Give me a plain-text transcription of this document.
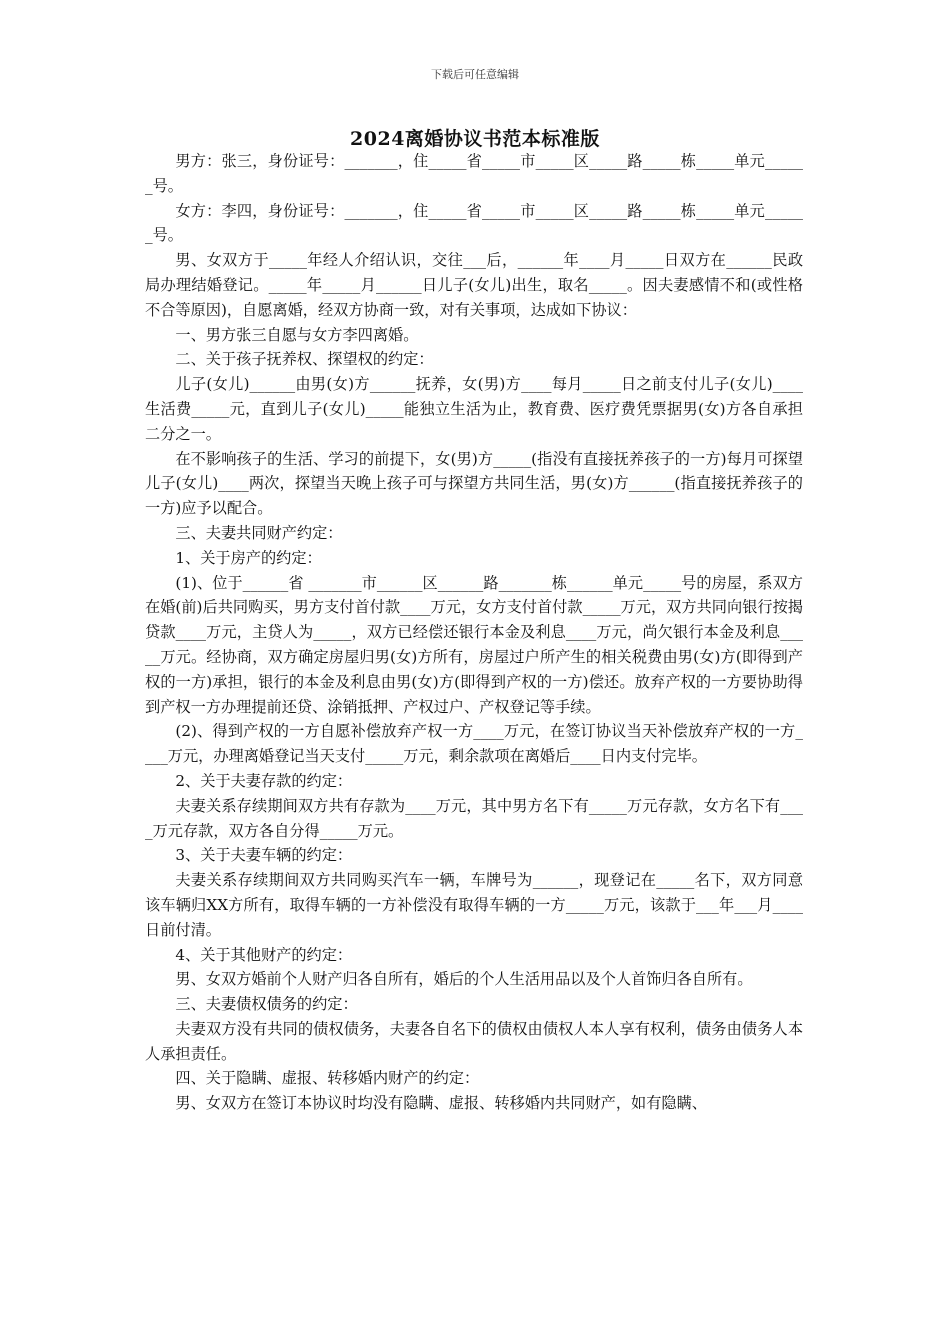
下载后可任意编辑
2024离婚协议书范本标准版

男方：张三，身份证号：_______，住_____省_____市_____区_____路_____栋_____单元______号。

女方：李四，身份证号：_______，住_____省_____市_____区_____路_____栋_____单元______号。

男、女双方于_____年经人介绍认识，交往___后，______年____月_____日双方在______民政局办理结婚登记。_____年_____月______日儿子(女儿)出生，取名_____。因夫妻感情不和(或性格不合等原因)，自愿离婚，经双方协商一致，对有关事项，达成如下协议：

一、男方张三自愿与女方李四离婚。

二、关于孩子抚养权、探望权的约定：

儿子(女儿)______由男(女)方______抚养，女(男)方____每月_____日之前支付儿子(女儿)____生活费_____元，直到儿子(女儿)_____能独立生活为止，教育费、医疗费凭票据男(女)方各自承担二分之一。

在不影响孩子的生活、学习的前提下，女(男)方_____(指没有直接抚养孩子的一方)每月可探望儿子(女儿)____两次，探望当天晚上孩子可与探望方共同生活，男(女)方______(指直接抚养孩子的一方)应予以配合。

三、夫妻共同财产约定：

1、关于房产的约定：

(1)、位于______省 _______市______区______路_______栋______单元_____号的房屋，系双方在婚(前)后共同购买，男方支付首付款____万元，女方支付首付款_____万元，双方共同向银行按揭贷款____万元，主贷人为_____，双方已经偿还银行本金及利息____万元，尚欠银行本金及利息_____万元。经协商，双方确定房屋归男(女)方所有，房屋过户所产生的相关税费由男(女)方(即得到产权的一方)承担，银行的本金及利息由男(女)方(即得到产权的一方)偿还。放弃产权的一方要协助得到产权一方办理提前还贷、涂销抵押、产权过户、产权登记等手续。

(2)、得到产权的一方自愿补偿放弃产权一方____万元，在签订协议当天补偿放弃产权的一方____万元，办理离婚登记当天支付_____万元，剩余款项在离婚后____日内支付完毕。

2、关于夫妻存款的约定：

夫妻关系存续期间双方共有存款为____万元，其中男方名下有_____万元存款，女方名下有____万元存款，双方各自分得_____万元。

3、关于夫妻车辆的约定：

夫妻关系存续期间双方共同购买汽车一辆，车牌号为______，现登记在_____名下，双方同意该车辆归XX方所有，取得车辆的一方补偿没有取得车辆的一方_____万元，该款于___年___月____日前付清。

4、关于其他财产的约定：

男、女双方婚前个人财产归各自所有，婚后的个人生活用品以及个人首饰归各自所有。

三、夫妻债权债务的约定：

夫妻双方没有共同的债权债务，夫妻各自名下的债权由债权人本人享有权利，债务由债务人本人承担责任。

四、关于隐瞒、虚报、转移婚内财产的约定：

男、女双方在签订本协议时均没有隐瞒、虚报、转移婚内共同财产，如有隐瞒、
